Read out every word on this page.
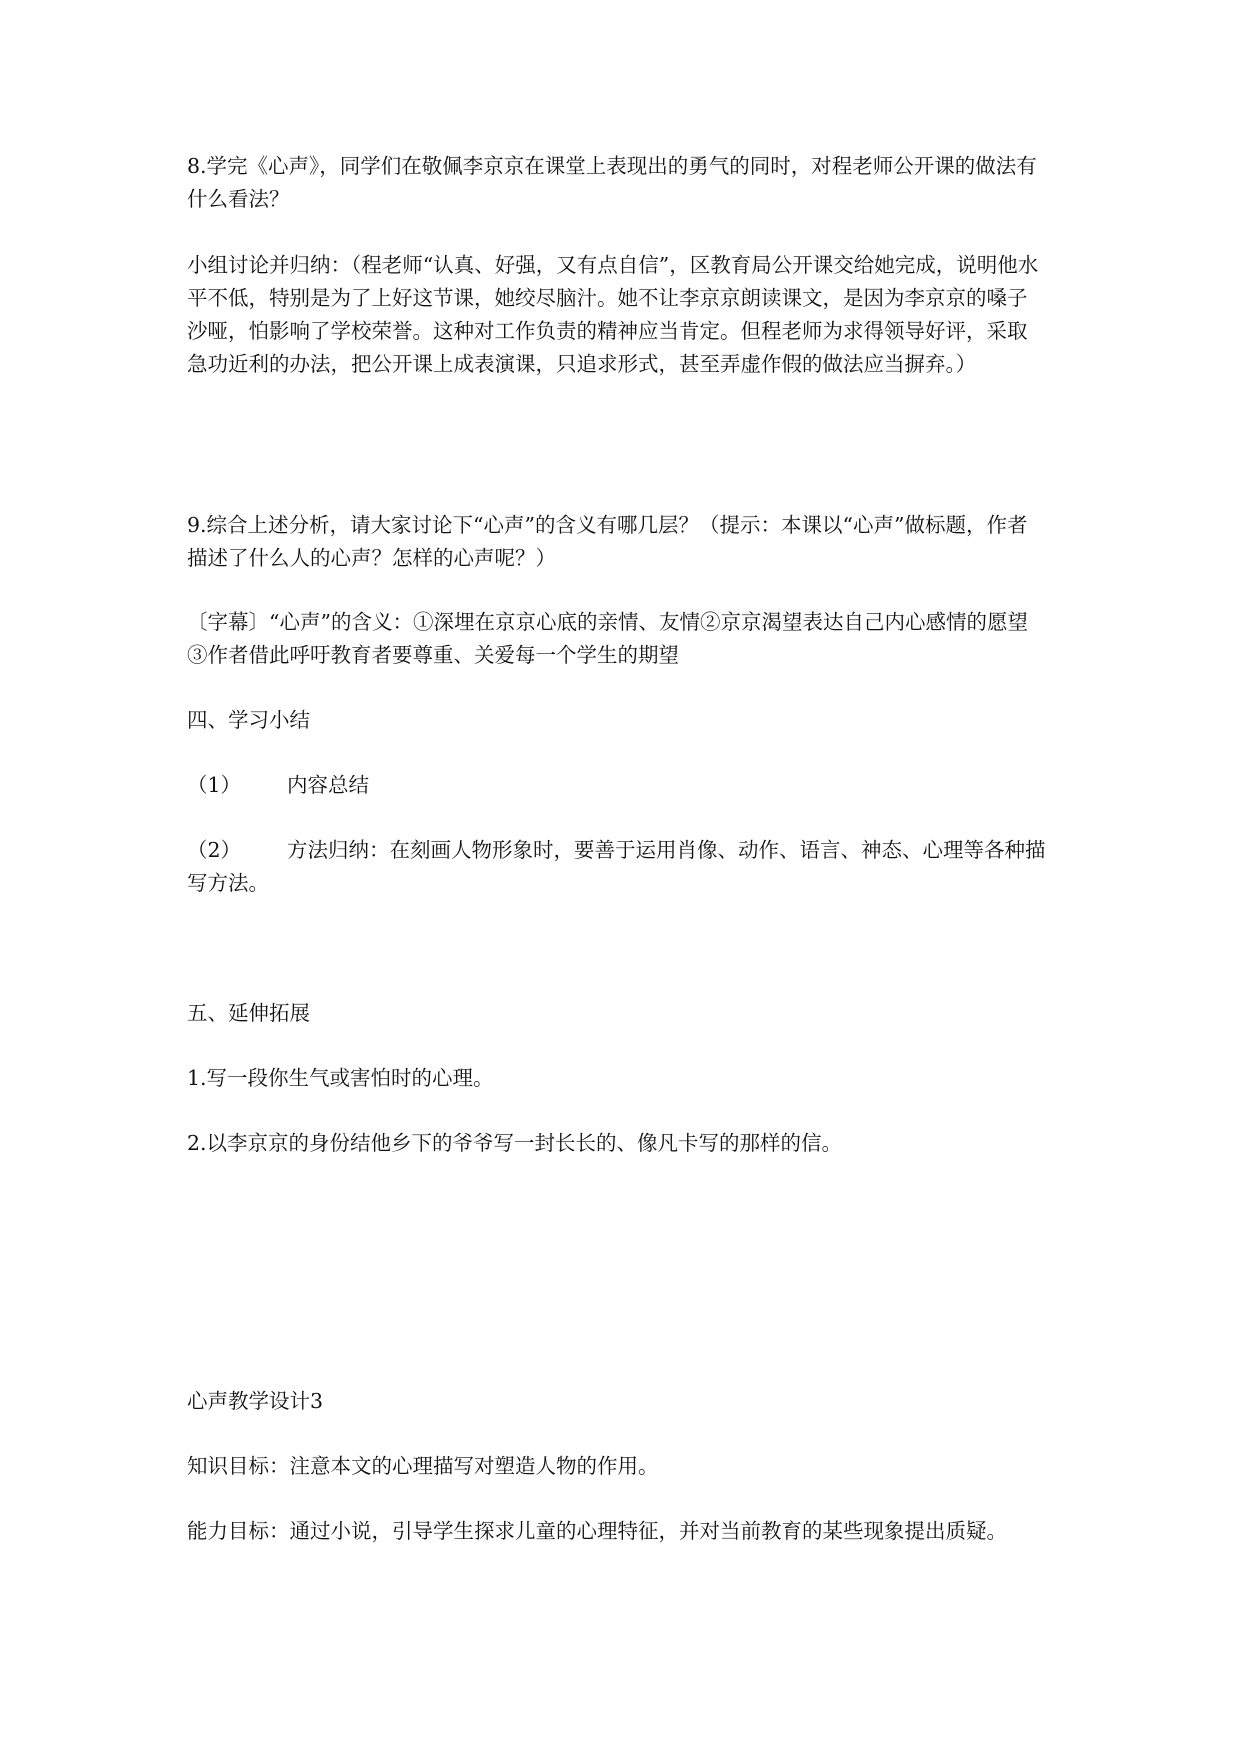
8.学完《心声》，同学们在敬佩李京京在课堂上表现出的勇气的同时，对程老师公开课的做法有什么看法？

小组讨论并归纳：（程老师“认真、好强，又有点自信”，区教育局公开课交给她完成，说明他水平不低，特别是为了上好这节课，她绞尽脑汁。她不让李京京朗读课文，是因为李京京的嗓子沙哑，怕影响了学校荣誉。这种对工作负责的精神应当肯定。但程老师为求得领导好评，采取急功近利的办法，把公开课上成表演课，只追求形式，甚至弄虚作假的做法应当摒弃。）

9.综合上述分析，请大家讨论下“心声”的含义有哪几层？（提示：本课以“心声”做标题，作者描述了什么人的心声？怎样的心声呢？）

〔字幕〕“心声”的含义：①深埋在京京心底的亲情、友情②京京渴望表达自己内心感情的愿望③作者借此呼吁教育者要尊重、关爱每一个学生的期望

四、学习小结

（1） 内容总结

（2） 方法归纳：在刻画人物形象时，要善于运用肖像、动作、语言、神态、心理等各种描写方法。

五、延伸拓展

1.写一段你生气或害怕时的心理。

2.以李京京的身份结他乡下的爷爷写一封长长的、像凡卡写的那样的信。

心声教学设计3

知识目标：注意本文的心理描写对塑造人物的作用。

能力目标：通过小说，引导学生探求儿童的心理特征，并对当前教育的某些现象提出质疑。
